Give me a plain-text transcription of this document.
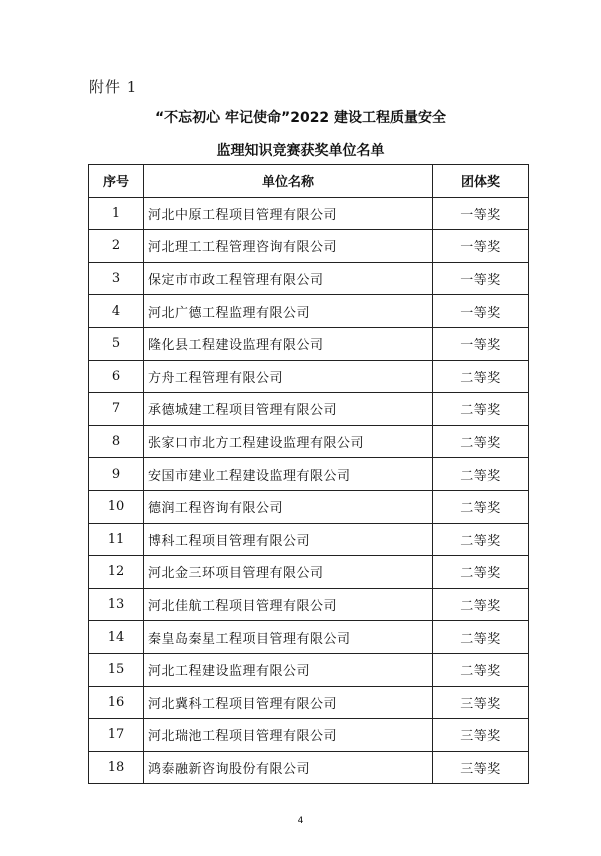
附件 1
“不忘初心 牢记使命”2022 建设工程质量安全
监理知识竞赛获奖单位名单
序号	单位名称	团体奖
1	河北中原工程项目管理有限公司	一等奖
2	河北理工工程管理咨询有限公司	一等奖
3	保定市市政工程管理有限公司	一等奖
4	河北广德工程监理有限公司	一等奖
5	隆化县工程建设监理有限公司	一等奖
6	方舟工程管理有限公司	二等奖
7	承德城建工程项目管理有限公司	二等奖
8	张家口市北方工程建设监理有限公司	二等奖
9	安国市建业工程建设监理有限公司	二等奖
10	德润工程咨询有限公司	二等奖
11	博科工程项目管理有限公司	二等奖
12	河北金三环项目管理有限公司	二等奖
13	河北佳航工程项目管理有限公司	二等奖
14	秦皇岛秦星工程项目管理有限公司	二等奖
15	河北工程建设监理有限公司	二等奖
16	河北冀科工程项目管理有限公司	三等奖
17	河北瑞池工程项目管理有限公司	三等奖
18	鸿泰融新咨询股份有限公司	三等奖
4
